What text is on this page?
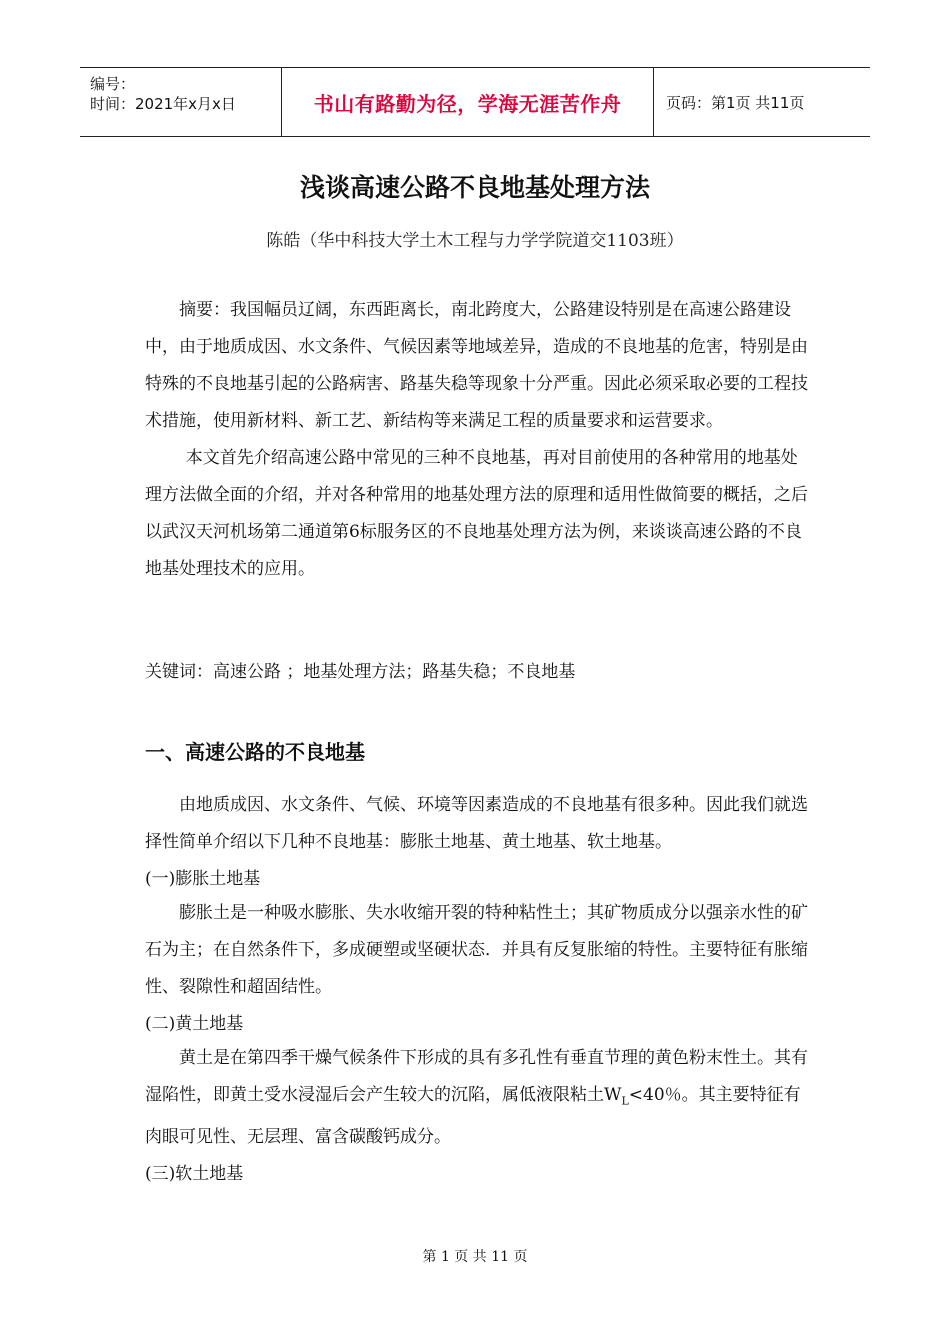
编号：
时间：2021年x月x日	书山有路勤为径，学海无涯苦作舟	页码：第1页 共11页
浅谈高速公路不良地基处理方法
陈皓（华中科技大学土木工程与力学学院道交1103班）

摘要：我国幅员辽阔，东西距离长，南北跨度大，公路建设特别是在高速公路建设中，由于地质成因、水文条件、气候因素等地域差异，造成的不良地基的危害，特别是由特殊的不良地基引起的公路病害、路基失稳等现象十分严重。因此必须采取必要的工程技术措施，使用新材料、新工艺、新结构等来满足工程的质量要求和运营要求。

本文首先介绍高速公路中常见的三种不良地基，再对目前使用的各种常用的地基处理方法做全面的介绍，并对各种常用的地基处理方法的原理和适用性做简要的概括，之后以武汉天河机场第二通道第6标服务区的不良地基处理方法为例，来谈谈高速公路的不良地基处理技术的应用。

关键词：高速公路 ；地基处理方法；路基失稳；不良地基
一、高速公路的不良地基

由地质成因、水文条件、气候、环境等因素造成的不良地基有很多种。因此我们就选择性简单介绍以下几种不良地基：膨胀土地基、黄土地基、软土地基。

(一)膨胀土地基

膨胀土是一种吸水膨胀、失水收缩开裂的特种粘性土；其矿物质成分以强亲水性的矿石为主；在自然条件下，多成硬塑或坚硬状态．并具有反复胀缩的特性。主要特征有胀缩性、裂隙性和超固结性。

(二)黄土地基

黄土是在第四季干燥气候条件下形成的具有多孔性有垂直节理的黄色粉末性土。其有湿陷性，即黄土受水浸湿后会产生较大的沉陷，属低液限粘土$W_L<40$％。其主要特征有肉眼可见性、无层理、富含碳酸钙成分。

(三)软土地基

第 1 页 共 11 页
